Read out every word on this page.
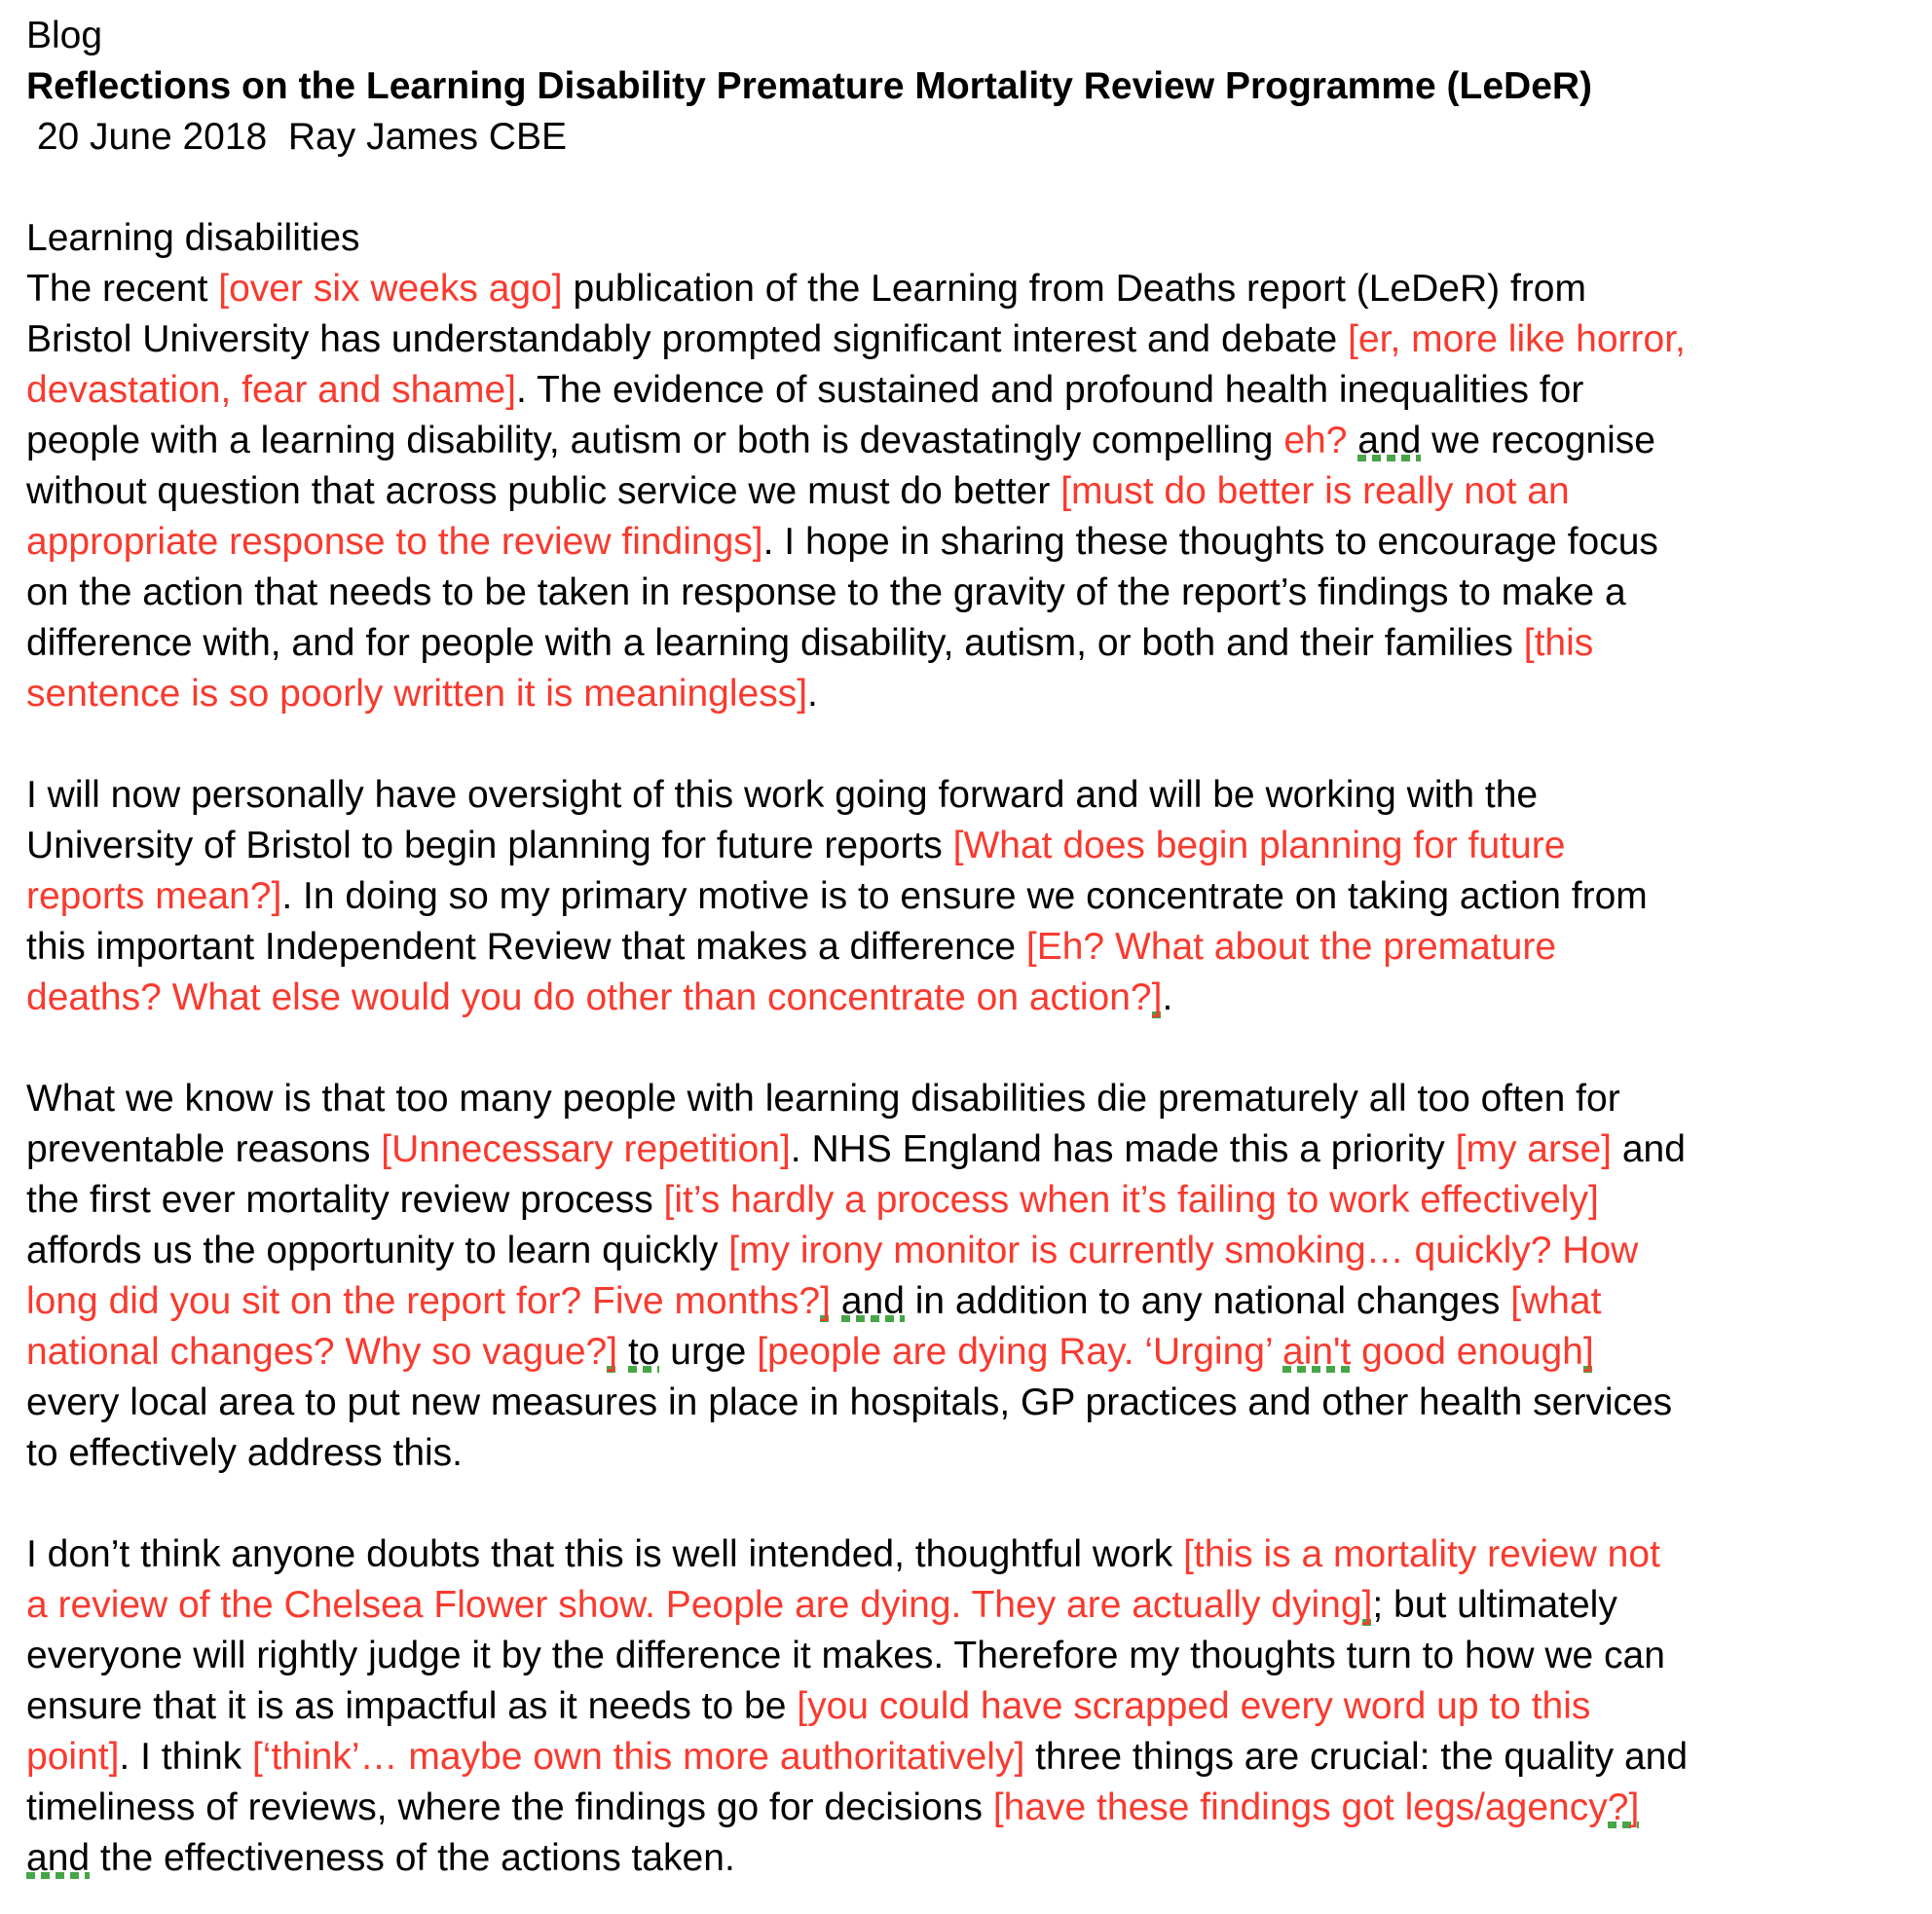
Blog
Reflections on the Learning Disability Premature Mortality Review Programme (LeDeR)
20 June 2018  Ray James CBE

Learning disabilities
The recent [over six weeks ago] publication of the Learning from Deaths report (LeDeR) from
Bristol University has understandably prompted significant interest and debate [er, more like horror,
devastation, fear and shame]. The evidence of sustained and profound health inequalities for
people with a learning disability, autism or both is devastatingly compelling eh? and we recognise
without question that across public service we must do better [must do better is really not an
appropriate response to the review findings]. I hope in sharing these thoughts to encourage focus
on the action that needs to be taken in response to the gravity of the report’s findings to make a
difference with, and for people with a learning disability, autism, or both and their families [this
sentence is so poorly written it is meaningless].

I will now personally have oversight of this work going forward and will be working with the
University of Bristol to begin planning for future reports [What does begin planning for future
reports mean?]. In doing so my primary motive is to ensure we concentrate on taking action from
this important Independent Review that makes a difference [Eh? What about the premature
deaths? What else would you do other than concentrate on action?].

What we know is that too many people with learning disabilities die prematurely all too often for
preventable reasons [Unnecessary repetition]. NHS England has made this a priority [my arse] and
the first ever mortality review process [it’s hardly a process when it’s failing to work effectively]
affords us the opportunity to learn quickly [my irony monitor is currently smoking… quickly? How
long did you sit on the report for? Five months?] and in addition to any national changes [what
national changes? Why so vague?] to urge [people are dying Ray. ‘Urging’ ain't good enough]
every local area to put new measures in place in hospitals, GP practices and other health services
to effectively address this.

I don’t think anyone doubts that this is well intended, thoughtful work [this is a mortality review not
a review of the Chelsea Flower show. People are dying. They are actually dying]; but ultimately
everyone will rightly judge it by the difference it makes. Therefore my thoughts turn to how we can
ensure that it is as impactful as it needs to be [you could have scrapped every word up to this
point]. I think [‘think’… maybe own this more authoritatively] three things are crucial: the quality and
timeliness of reviews, where the findings go for decisions [have these findings got legs/agency?]
and the effectiveness of the actions taken.
